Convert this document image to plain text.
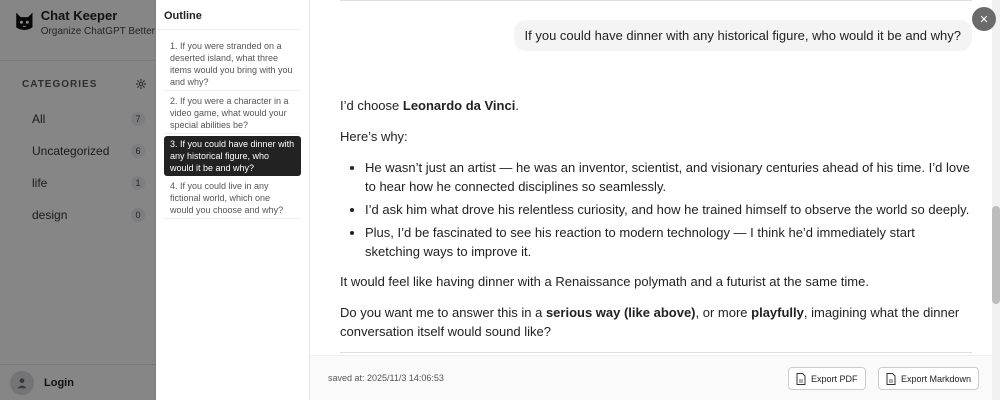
Chat Keeper
Organize ChatGPT Better
CATEGORIES
All	7
Uncategorized	6
life	1
design	0
Login
Outline
1. If you were stranded on a deserted island, what three items would you bring with you and why?
2. If you were a character in a video game, what would your special abilities be?
3. If you could have dinner with any historical figure, who would it be and why?
4. If you could live in any fictional world, which one would you choose and why?
If you could have dinner with any historical figure, who would it be and why?

I’d choose Leonardo da Vinci.

Here’s why:

• He wasn’t just an artist — he was an inventor, scientist, and visionary centuries ahead of his time. I’d love to hear how he connected disciplines so seamlessly.
• I’d ask him what drove his relentless curiosity, and how he trained himself to observe the world so deeply.
• Plus, I’d be fascinated to see his reaction to modern technology — I think he’d immediately start sketching ways to improve it.

It would feel like having dinner with a Renaissance polymath and a futurist at the same time.

Do you want me to answer this in a serious way (like above), or more playfully, imagining what the dinner conversation itself would sound like?

saved at: 2025/11/3 14:06:53	Export PDF	Export Markdown
✕
